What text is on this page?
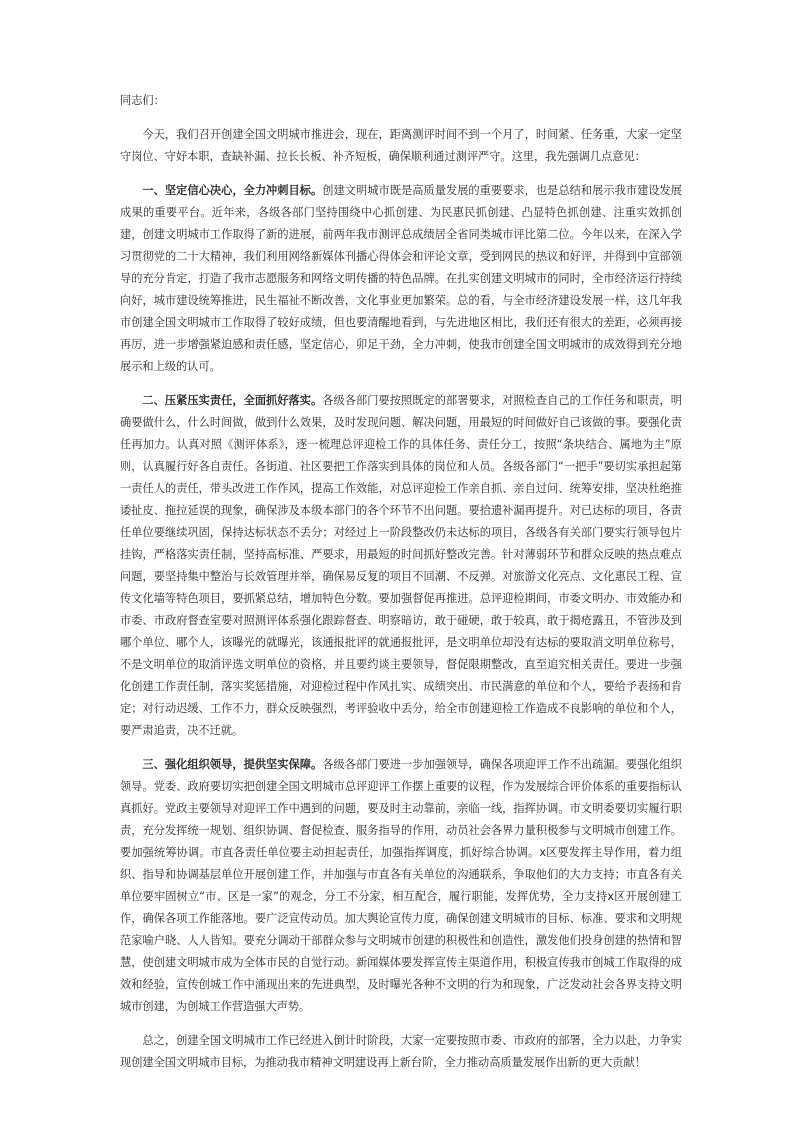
同志们：

今天，我们召开创建全国文明城市推进会，现在，距离测评时间不到一个月了，时间紧、任务重，大家一定坚守岗位、守好本职，查缺补漏、拉长长板、补齐短板，确保顺利通过测评严守。这里，我先强调几点意见：

一、坚定信心决心，全力冲刺目标。创建文明城市既是高质量发展的重要要求，也是总结和展示我市建设发展成果的重要平台。近年来，各级各部门坚持围绕中心抓创建、为民惠民抓创建、凸显特色抓创建、注重实效抓创建，创建文明城市工作取得了新的进展，前两年我市测评总成绩居全省同类城市评比第二位。今年以来，在深入学习贯彻党的二十大精神，我们利用网络新媒体刊播心得体会和评论文章，受到网民的热议和好评，并得到中宣部领导的充分肯定，打造了我市志愿服务和网络文明传播的特色品牌。在扎实创建文明城市的同时，全市经济运行持续向好，城市建设统筹推进，民生福祉不断改善，文化事业更加繁荣。总的看，与全市经济建设发展一样，这几年我市创建全国文明城市工作取得了较好成绩，但也要清醒地看到，与先进地区相比，我们还有很大的差距，必须再接再厉，进一步增强紧迫感和责任感，坚定信心，卯足干劲，全力冲刺，使我市创建全国文明城市的成效得到充分地展示和上级的认可。

二、压紧压实责任，全面抓好落实。各级各部门要按照既定的部署要求，对照检查自己的工作任务和职责，明确要做什么，什么时间做，做到什么效果，及时发现问题、解决问题，用最短的时间做好自己该做的事。要强化责任再加力。认真对照《测评体系》，逐一梳理总评迎检工作的具体任务、责任分工，按照“条块结合、属地为主”原则，认真履行好各自责任。各街道、社区要把工作落实到具体的岗位和人员。各级各部门“一把手”要切实承担起第一责任人的责任，带头改进工作作风，提高工作效能，对总评迎检工作亲自抓、亲自过问、统筹安排，坚决杜绝推诿扯皮、拖拉延误的现象，确保涉及本级本部门的各个环节不出问题。要拾遗补漏再提升。对已达标的项目，各责任单位要继续巩固，保持达标状态不丢分；对经过上一阶段整改仍未达标的项目，各级各有关部门要实行领导包片挂钩，严格落实责任制，坚持高标准、严要求，用最短的时间抓好整改完善。针对薄弱环节和群众反映的热点难点问题，要坚持集中整治与长效管理并举，确保易反复的项目不回潮、不反弹。对旅游文化亮点、文化惠民工程、宣传文化墙等特色项目，要抓紧总结，增加特色分数。要加强督促再推进。总评迎检期间，市委文明办、市效能办和市委、市政府督查室要对照测评体系强化跟踪督查、明察暗访，敢于碰硬，敢于较真，敢于揭疮露丑，不管涉及到哪个单位、哪个人，该曝光的就曝光，该通报批评的就通报批评，是文明单位却没有达标的要取消文明单位称号，不是文明单位的取消评选文明单位的资格，并且要约谈主要领导，督促限期整改，直至追究相关责任。要进一步强化创建工作责任制，落实奖惩措施，对迎检过程中作风扎实、成绩突出、市民满意的单位和个人，要给予表扬和肯定；对行动迟缓、工作不力，群众反映强烈，考评验收中丢分，给全市创建迎检工作造成不良影响的单位和个人，要严肃追责，决不迁就。

三、强化组织领导，提供坚实保障。各级各部门要进一步加强领导，确保各项迎评工作不出疏漏。要强化组织领导。党委、政府要切实把创建全国文明城市总评迎评工作摆上重要的议程，作为发展综合评价体系的重要指标认真抓好。党政主要领导对迎评工作中遇到的问题，要及时主动靠前，亲临一线，指挥协调。市文明委要切实履行职责，充分发挥统一规划、组织协调、督促检查、服务指导的作用，动员社会各界力量积极参与文明城市创建工作。要加强统筹协调。市直各责任单位要主动担起责任，加强指挥调度，抓好综合协调。x区要发挥主导作用，着力组织、指导和协调基层单位开展创建工作，并加强与市直各有关单位的沟通联系，争取他们的大力支持；市直各有关单位要牢固树立“市、区是一家”的观念，分工不分家，相互配合，履行职能，发挥优势，全力支持x区开展创建工作，确保各项工作能落地。要广泛宣传动员。加大舆论宣传力度，确保创建文明城市的目标、标准、要求和文明规范家喻户晓、人人皆知。要充分调动干部群众参与文明城市创建的积极性和创造性，激发他们投身创建的热情和智慧，使创建文明城市成为全体市民的自觉行动。新闻媒体要发挥宣传主渠道作用，积极宣传我市创城工作取得的成效和经验，宣传创城工作中涌现出来的先进典型，及时曝光各种不文明的行为和现象，广泛发动社会各界支持文明城市创建，为创城工作营造强大声势。

总之，创建全国文明城市工作已经进入倒计时阶段，大家一定要按照市委、市政府的部署，全力以赴，力争实现创建全国文明城市目标，为推动我市精神文明建设再上新台阶，全力推动高质量发展作出新的更大贡献！
